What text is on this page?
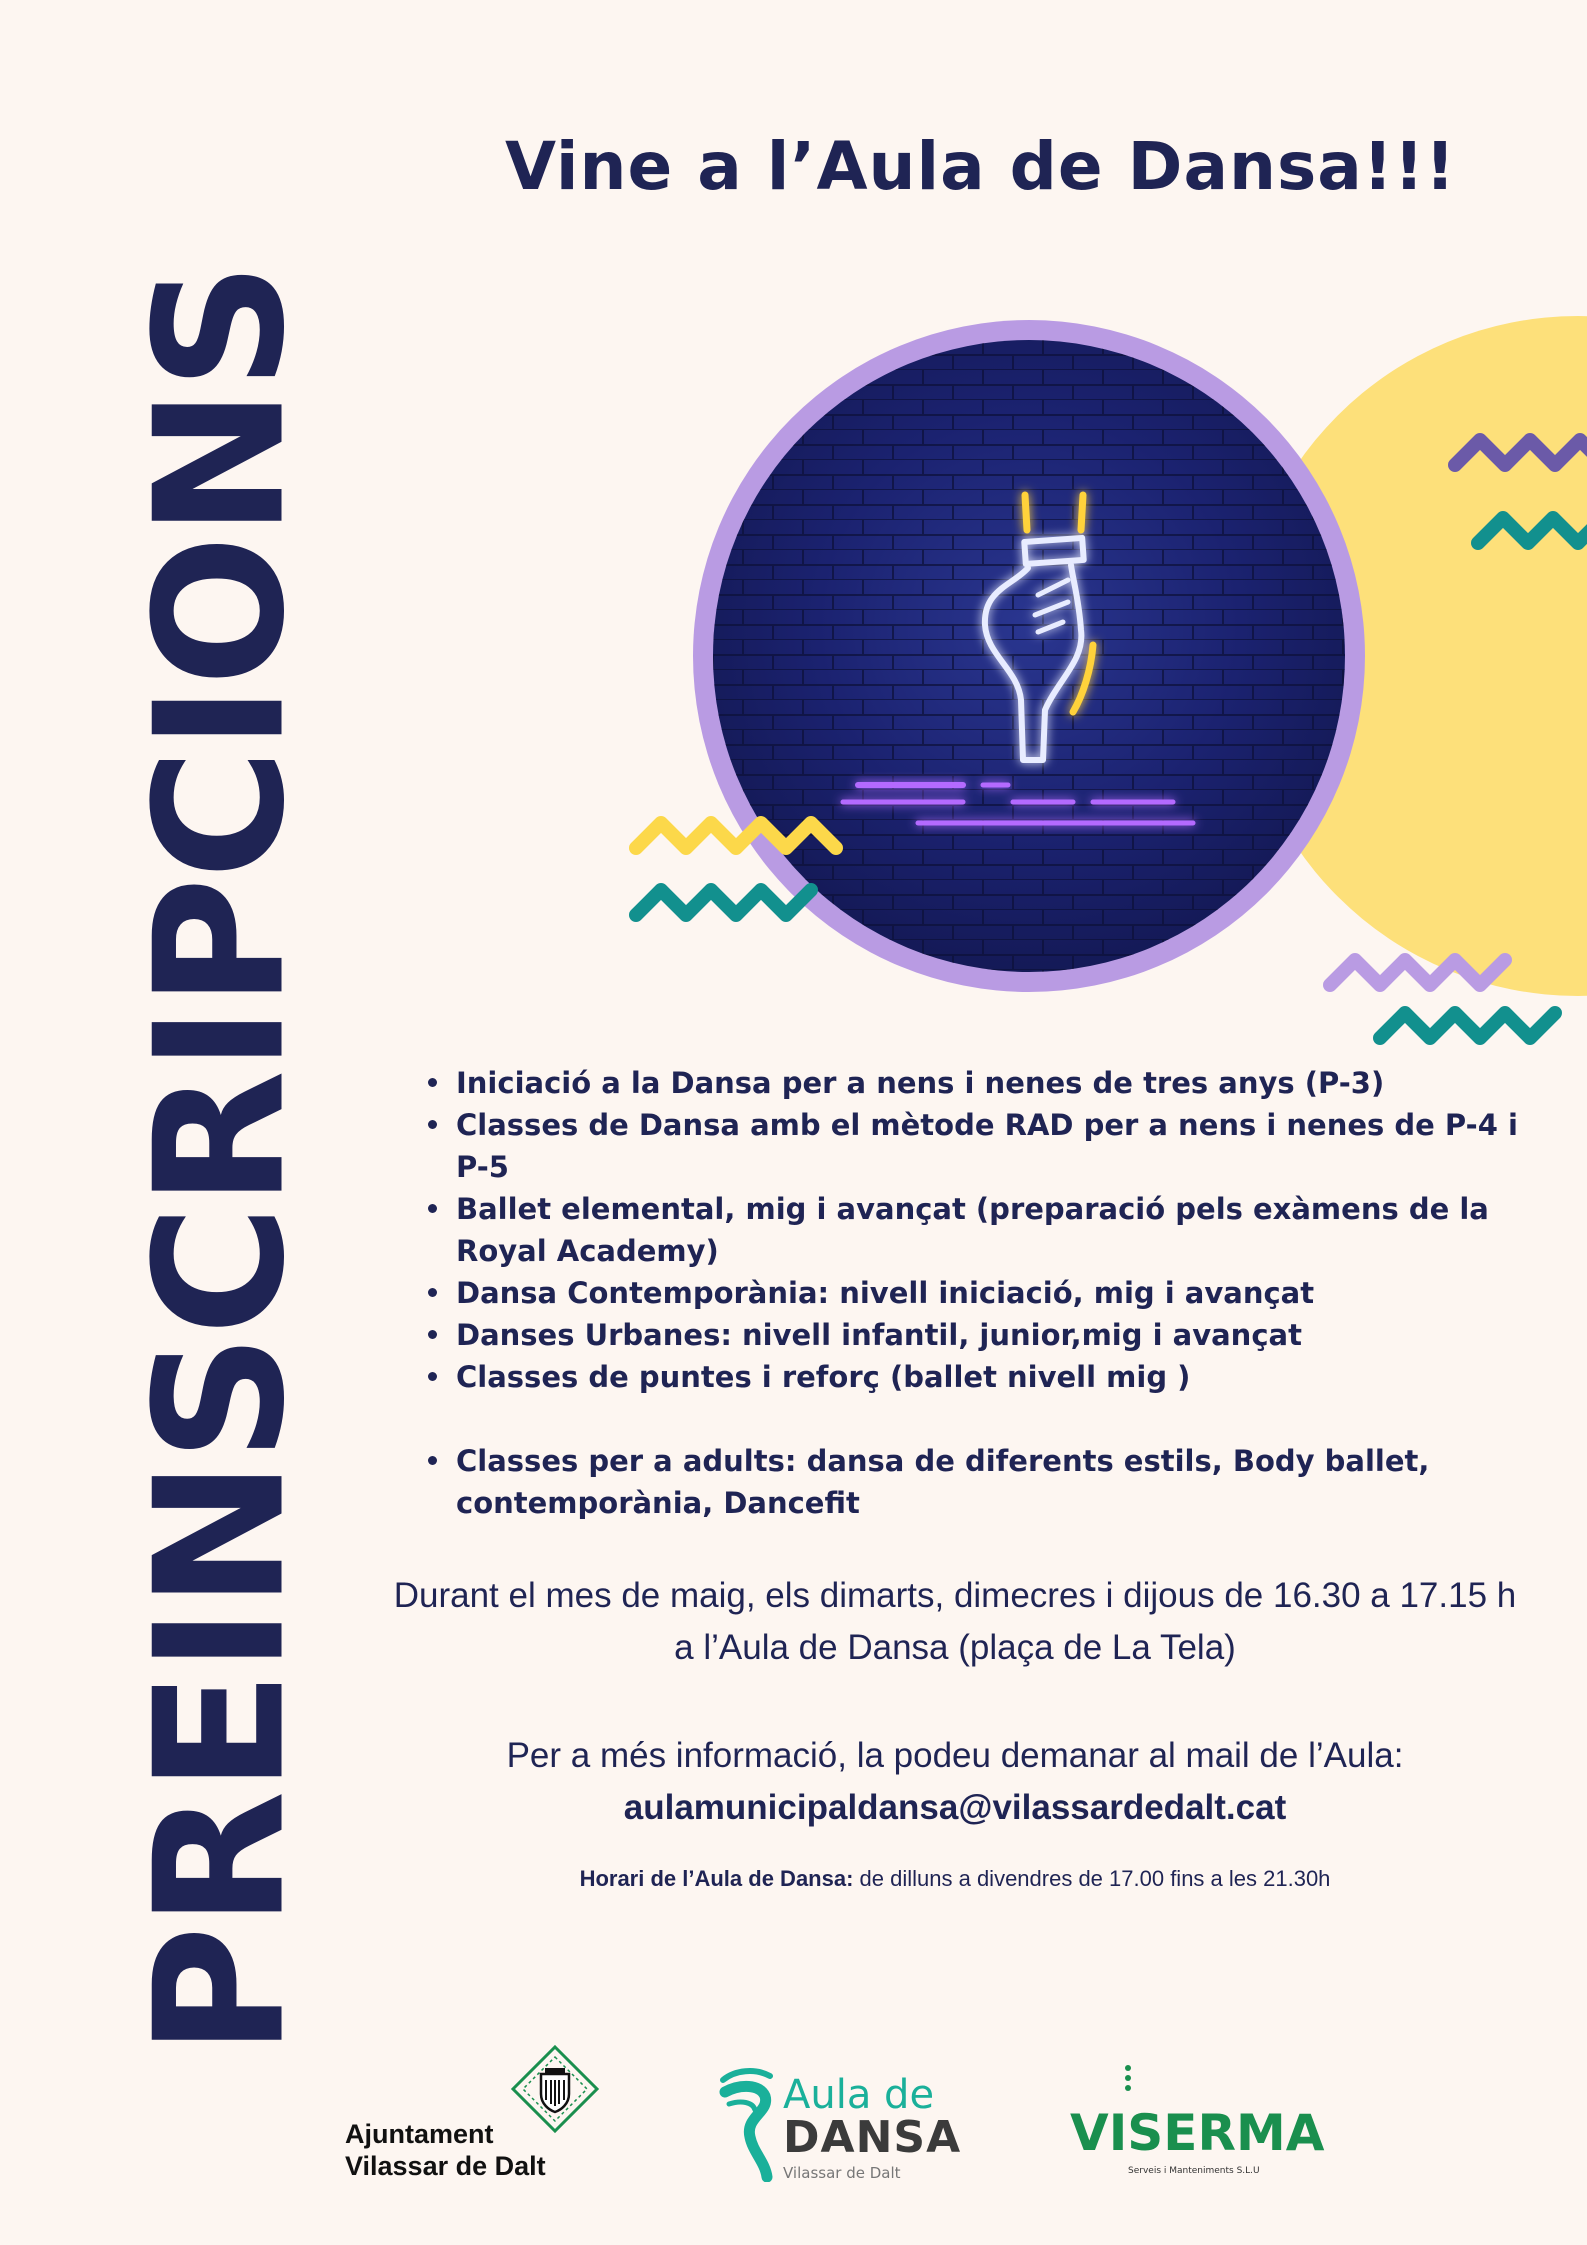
Vine a l’Aula de Dansa!!!
PREINSCRIPCIONS	Iniciació a la Dansa per a nens i nenes de tres anys (P-3)
Classes de Dansa amb el mètode RAD per a nens i nenes de P-4 i P-5
Ballet elemental, mig i avançat (preparació pels exàmens de la Royal Academy)
Dansa Contemporània: nivell iniciació, mig i avançat
Danses Urbanes: nivell infantil, junior,mig i avançat
Classes de puntes i reforç (ballet nivell mig )
Classes per a adults: dansa de diferents estils, Body ballet, contemporània, Dancefit
Durant el mes de maig, els dimarts, dimecres i dijous de 16.30 a 17.15 h
a l’Aula de Dansa (plaça de La Tela)
Per a més informació, la podeu demanar al mail de l’Aula:
aulamunicipaldansa@vilassardedalt.cat
Horari de l’Aula de Dansa: de dilluns a divendres de 17.00 fins a les 21.30h
Ajuntament
Vilassar de Dalt
Aula de
DANSA
Vilassar de Dalt
VISERMA
Serveis i Manteniments S.L.U
